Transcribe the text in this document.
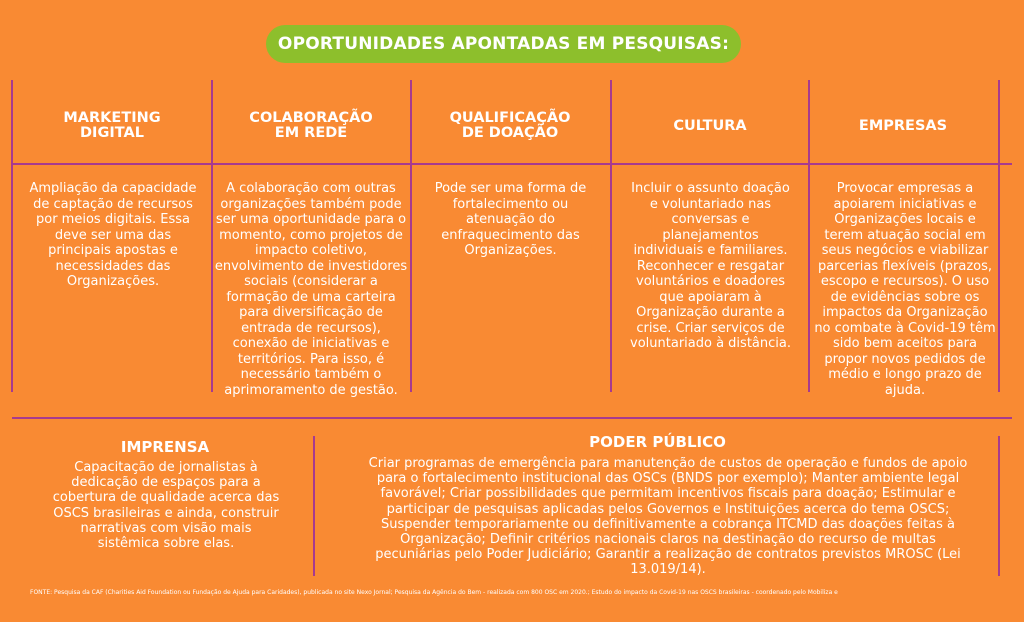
OPORTUNIDADES APONTADAS EM PESQUISAS:
MARKETING DIGITAL
COLABORAÇÃO EM REDE
QUALIFICAÇÃO DE DOAÇÃO	CULTURA	EMPRESAS
Ampliação da capacidade de captação de recursos por meios digitais. Essa deve ser uma das principais apostas e necessidades das Organizações.
A colaboração com outras organizações também pode ser uma oportunidade para o momento, como projetos de impacto coletivo, envolvimento de investidores sociais (considerar a formação de uma carteira para diversificação de entrada de recursos), conexão de iniciativas e territórios. Para isso, é necessário também o aprimoramento de gestão.
Pode ser uma forma de fortalecimento ou atenuação do enfraquecimento das Organizações.
Incluir o assunto doação e voluntariado nas conversas e planejamentos individuais e familiares. Reconhecer e resgatar voluntários e doadores que apoiaram à Organização durante a crise. Criar serviços de voluntariado à distância.
Provocar empresas a apoiarem iniciativas e Organizações locais e terem atuação social em seus negócios e viabilizar parcerias flexíveis (prazos, escopo e recursos). O uso de evidências sobre os impactos da Organização no combate à Covid-19 têm sido bem aceitos para propor novos pedidos de médio e longo prazo de ajuda.
IMPRENSA
Capacitação de jornalistas à dedicação de espaços para a cobertura de qualidade acerca das OSCS brasileiras e ainda, construir narrativas com visão mais sistêmica sobre elas.
PODER PÚBLICO
Criar programas de emergência para manutenção de custos de operação e fundos de apoio para o fortalecimento institucional das OSCs (BNDS por exemplo); Manter ambiente legal favorável; Criar possibilidades que permitam incentivos fiscais para doação; Estimular e participar de pesquisas aplicadas pelos Governos e Instituições acerca do tema OSCS; Suspender temporariamente ou definitivamente a cobrança ITCMD das doações feitas à Organização; Definir critérios nacionais claros na destinação do recurso de multas pecuniárias pelo Poder Judiciário; Garantir a realização de contratos previstos MROSC (Lei 13.019/14).
FONTE: Pesquisa da CAF (Charities Aid Foundation ou Fundação de Ajuda para Caridades), publicada no site Nexo Jornal; Pesquisa da Agência do Bem - realizada com 800 OSC em 2020.; Estudo do impacto da Covid-19 nas OSCS brasileiras - coordenado pelo Mobiliza e
